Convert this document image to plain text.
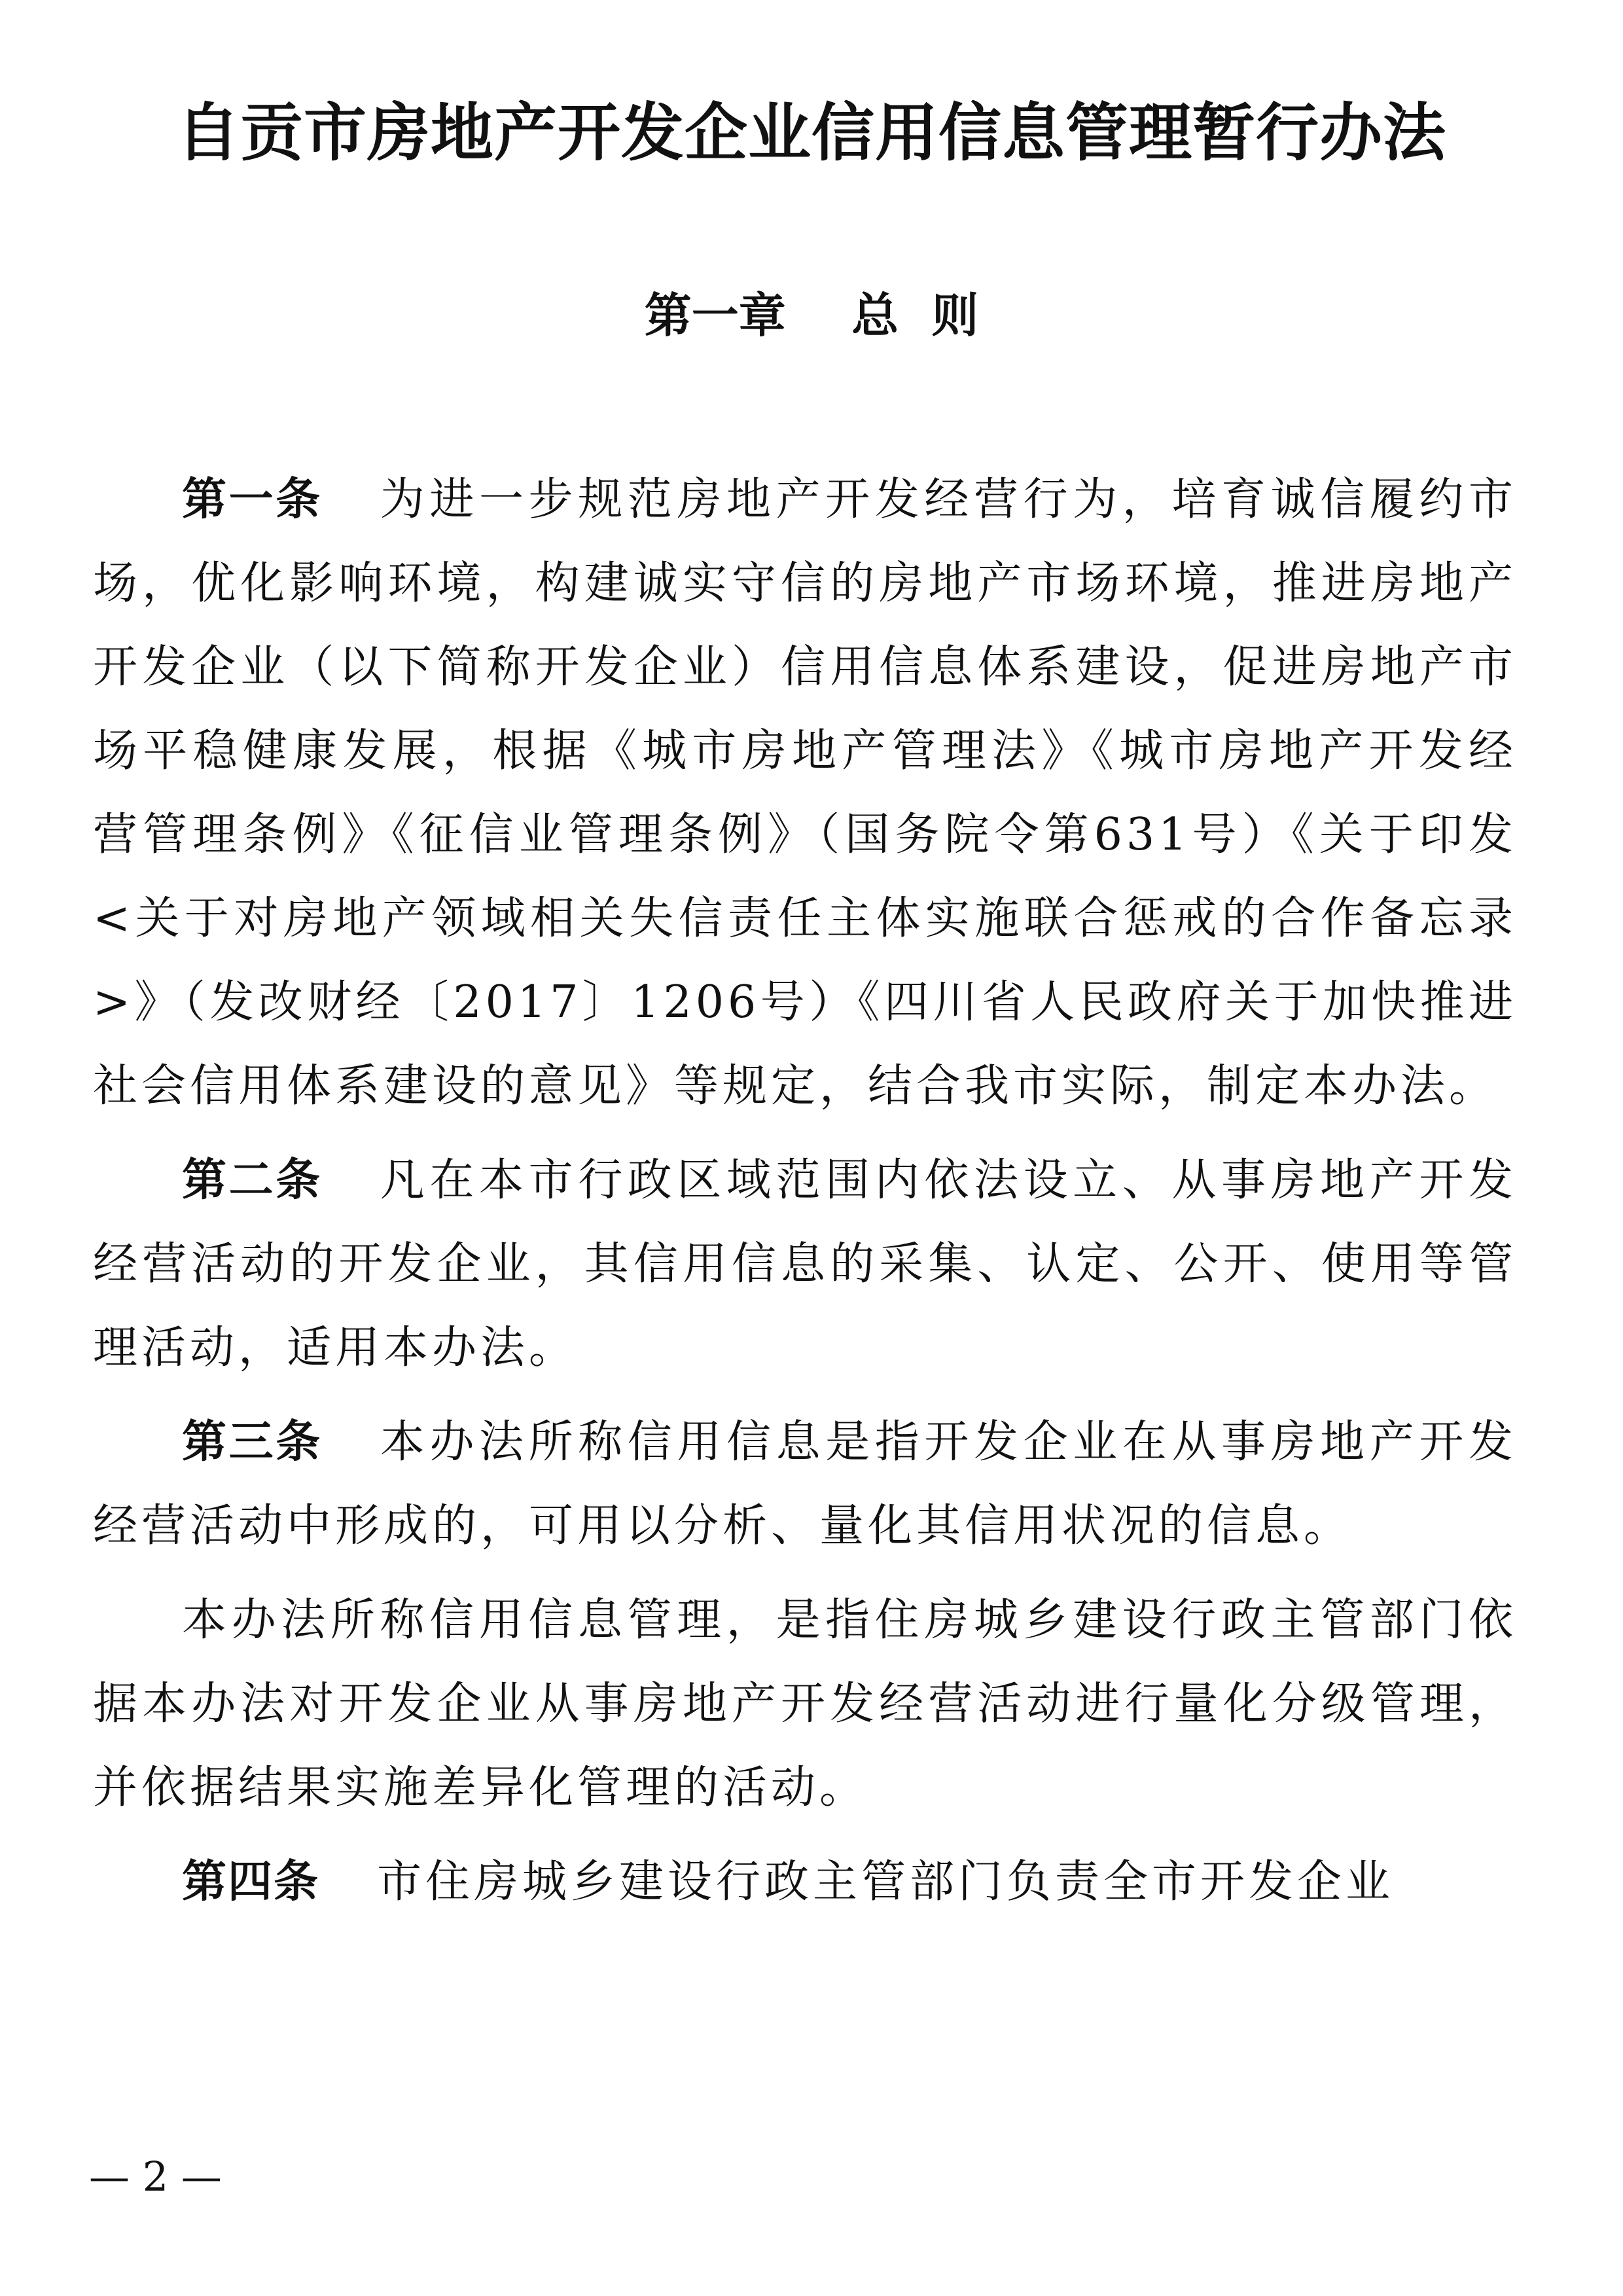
自贡市房地产开发企业信用信息管理暂行办法
第一章    总  则

第一条 为进一步规范房地产开发经营行为，培育诚信履约市场，优化影响环境，构建诚实守信的房地产市场环境，推进房地产开发企业（以下简称开发企业）信用信息体系建设，促进房地产市场平稳健康发展，根据《城市房地产管理法》《城市房地产开发经营管理条例》《征信业管理条例》（国务院令第631号）《关于印发<关于对房地产领域相关失信责任主体实施联合惩戒的合作备忘录>》（发改财经〔2017〕1206号）《四川省人民政府关于加快推进社会信用体系建设的意见》等规定，结合我市实际，制定本办法。

第二条 凡在本市行政区域范围内依法设立、从事房地产开发经营活动的开发企业，其信用信息的采集、认定、公开、使用等管理活动，适用本办法。

第三条 本办法所称信用信息是指开发企业在从事房地产开发经营活动中形成的，可用以分析、量化其信用状况的信息。

本办法所称信用信息管理，是指住房城乡建设行政主管部门依据本办法对开发企业从事房地产开发经营活动进行量化分级管理，并依据结果实施差异化管理的活动。

第四条 市住房城乡建设行政主管部门负责全市开发企业

— 2 —
